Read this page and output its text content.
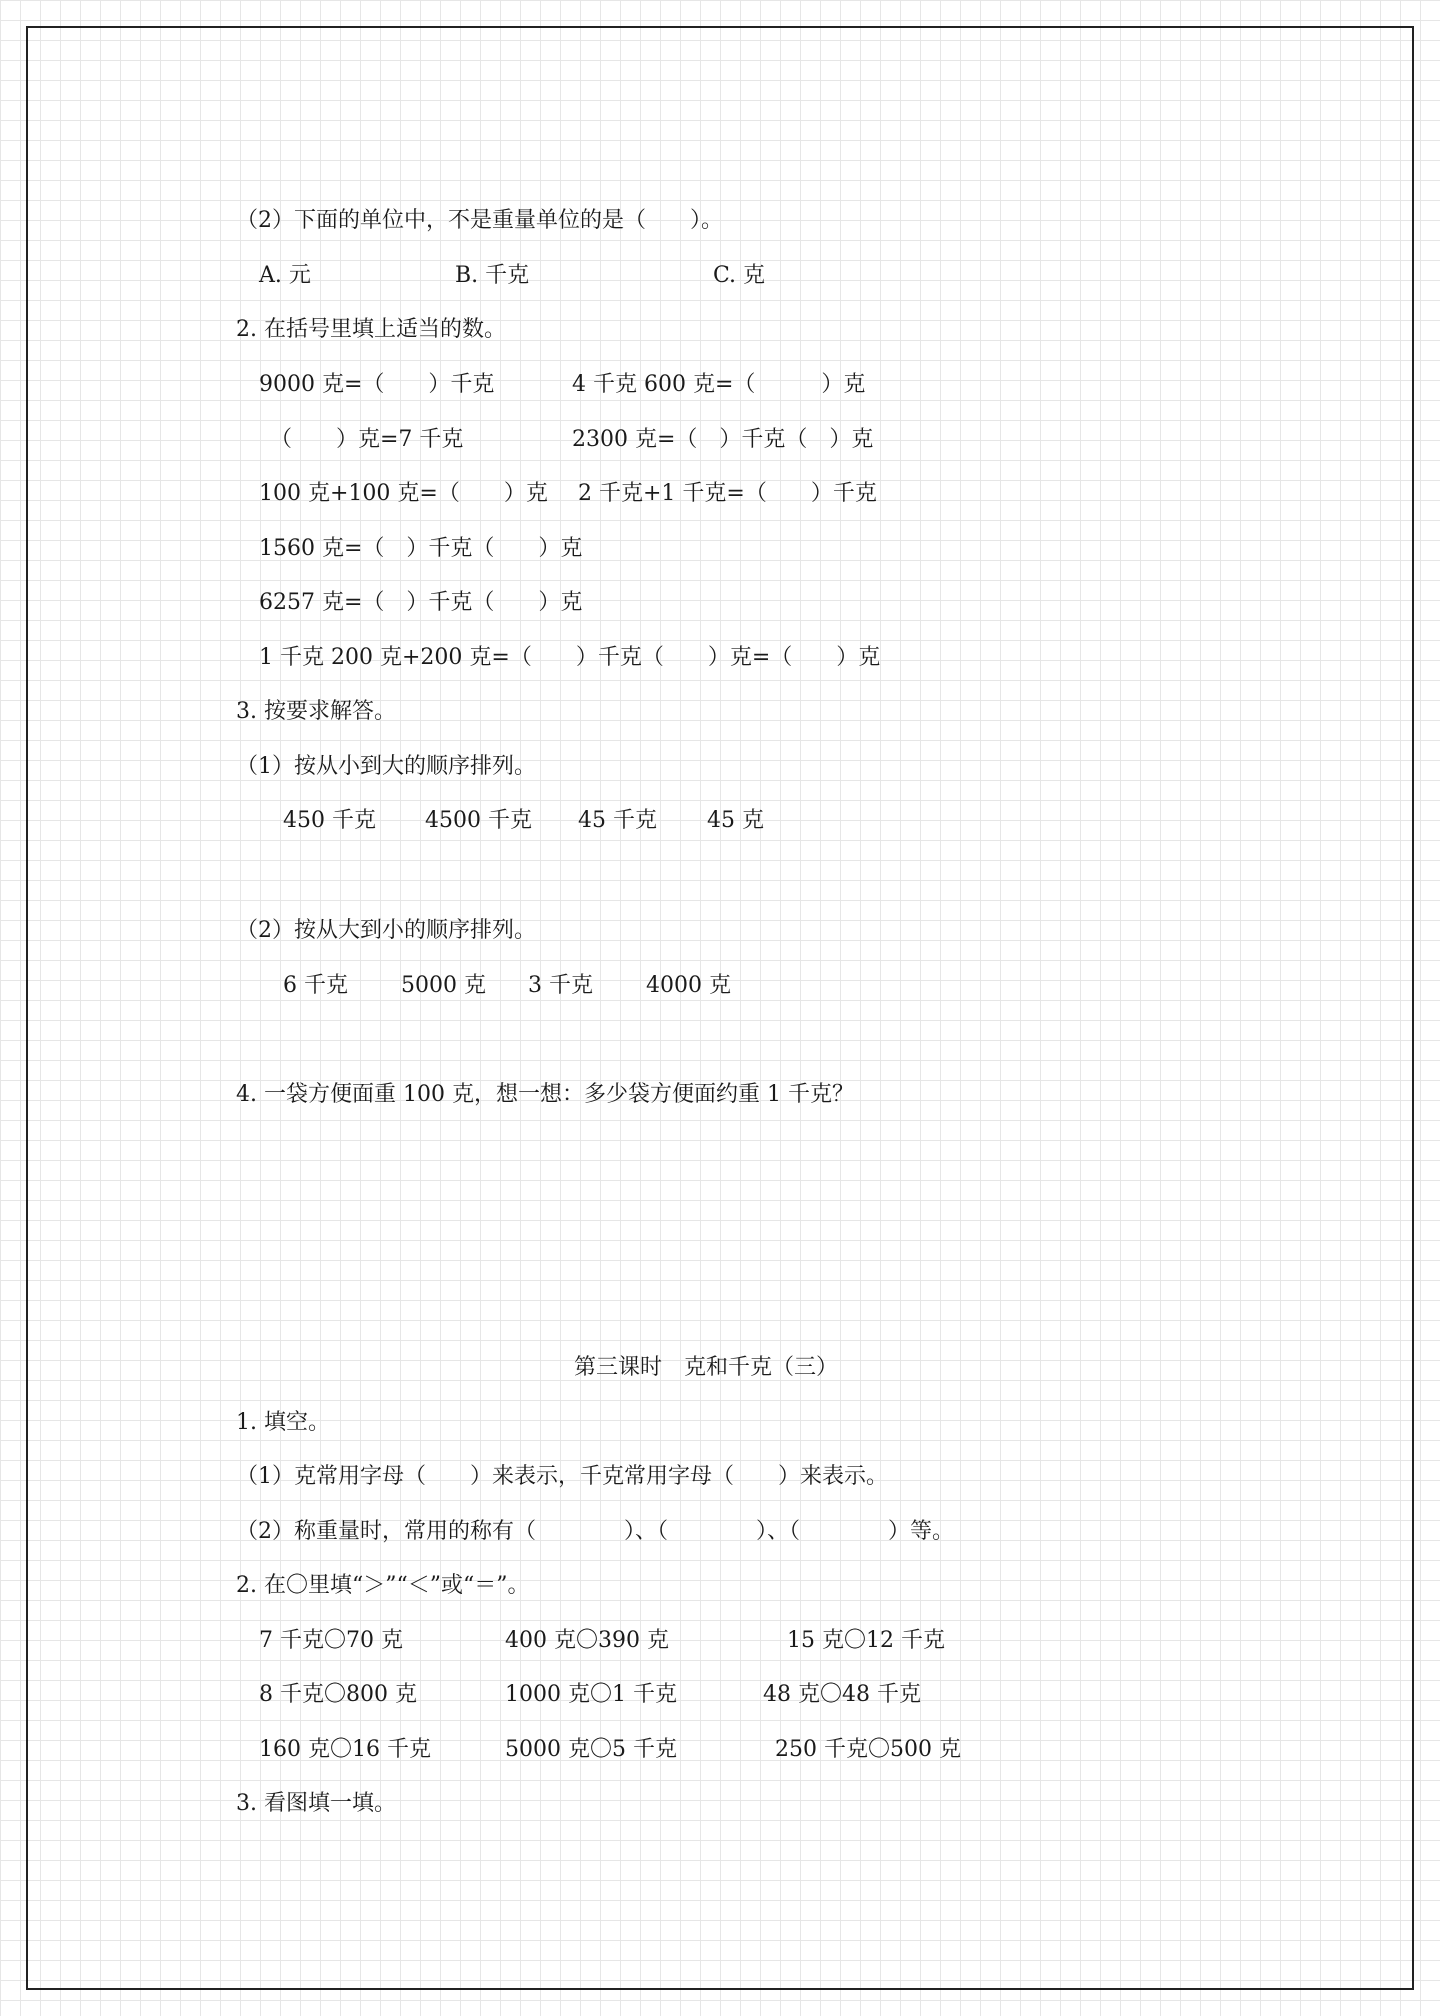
（2）下面的单位中，不是重量单位的是（　　）。
A. 元	B. 千克	C. 克
2. 在括号里填上适当的数。
9000 克=（　　）千克	4 千克 600 克=（　　　）克
（　　）克=7 千克	2300 克=（　）千克（　）克
100 克+100 克=（　　）克 2 千克+1 千克=（　　）千克
1560 克=（　）千克（　　）克
6257 克=（　）千克（　　）克
1 千克 200 克+200 克=（　　）千克（　　）克=（　　）克
3. 按要求解答。
（1）按从小到大的顺序排列。
450 千克 4500 千克 45 千克 45 克
（2）按从大到小的顺序排列。
6 千克 5000 克 3 千克 4000 克
4. 一袋方便面重 100 克，想一想：多少袋方便面约重 1 千克？
第三课时　克和千克（三）
1. 填空。
（1）克常用字母（　　）来表示，千克常用字母（　　）来表示。
（2）称重量时，常用的称有（　　　　）、（　　　　）、（　　　　）等。
2. 在〇里填“＞”“＜”或“＝”。
7 千克〇70 克	400 克〇390 克	15 克〇12 千克
8 千克〇800 克	1000 克〇1 千克	48 克〇48 千克
160 克〇16 千克	5000 克〇5 千克	250 千克〇500 克
3. 看图填一填。
